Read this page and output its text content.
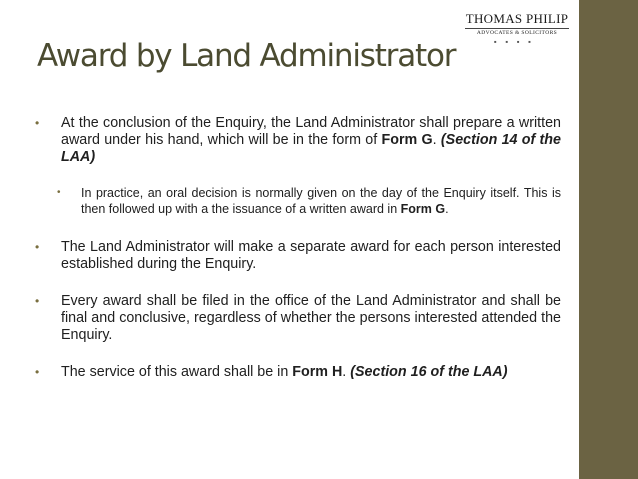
THOMAS PHILIP
ADVOCATES & SOLICITORS
■■■■
Award by Land Administrator
• At the conclusion of the Enquiry, the Land Administrator shall prepare a written award under his hand, which will be in the form of Form G. (Section 14 of the LAA)
• In practice, an oral decision is normally given on the day of the Enquiry itself. This is then followed up with a the issuance of a written award in Form G.
• The Land Administrator will make a separate award for each person interested established during the Enquiry.
• Every award shall be filed in the office of the Land Administrator and shall be final and conclusive, regardless of whether the persons interested attended the Enquiry.
• The service of this award shall be in Form H. (Section 16 of the LAA)
